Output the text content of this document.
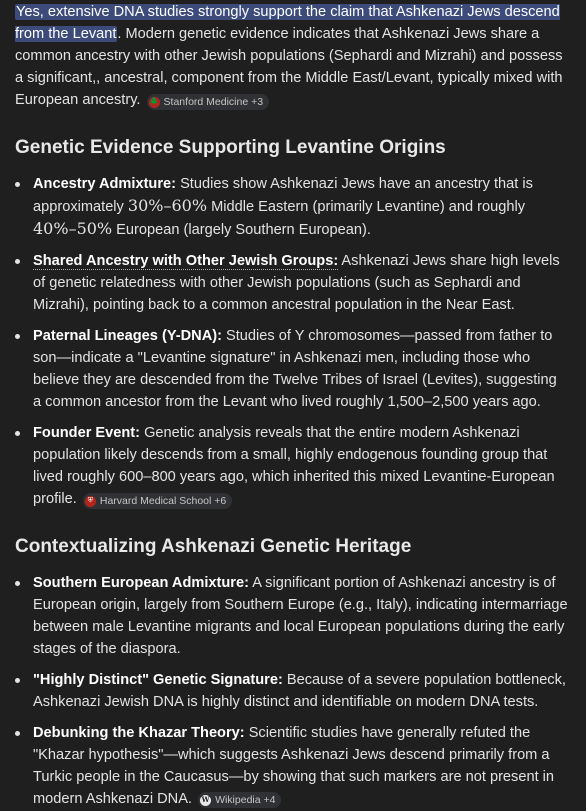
Yes, extensive DNA studies strongly support the claim that Ashkenazi Jews descend from the Levant. Modern genetic evidence indicates that Ashkenazi Jews share a common ancestry with other Jewish populations (Sephardi and Mizrahi) and possess a significant,, ancestral, component from the Middle East/Levant, typically mixed with European ancestry. 🌲 Stanford Medicine +3

Genetic Evidence Supporting Levantine Origins
Ancestry Admixture: Studies show Ashkenazi Jews have an ancestry that is approximately 30%–60% Middle Eastern (primarily Levantine) and roughly 40%–50% European (largely Southern European).
Shared Ancestry with Other Jewish Groups: Ashkenazi Jews share high levels of genetic relatedness with other Jewish populations (such as Sephardi and Mizrahi), pointing back to a common ancestral population in the Near East.
Paternal Lineages (Y-DNA): Studies of Y chromosomes—passed from father to son—indicate a "Levantine signature" in Ashkenazi men, including those who believe they are descended from the Twelve Tribes of Israel (Levites), suggesting a common ancestor from the Levant who lived roughly 1,500–2,500 years ago.
Founder Event: Genetic analysis reveals that the entire modern Ashkenazi population likely descends from a small, highly endogenous founding group that lived roughly 600–800 years ago, which inherited this mixed Levantine-European profile.	⛨ Harvard Medical School +6
Contextualizing Ashkenazi Genetic Heritage
Southern European Admixture: A significant portion of Ashkenazi ancestry is of European origin, largely from Southern Europe (e.g., Italy), indicating intermarriage between male Levantine migrants and local European populations during the early stages of the diaspora.
"Highly Distinct" Genetic Signature: Because of a severe population bottleneck, Ashkenazi Jewish DNA is highly distinct and identifiable on modern DNA tests.
Debunking the Khazar Theory: Scientific studies have generally refuted the "Khazar hypothesis"—which suggests Ashkenazi Jews descend primarily from a Turkic people in the Caucasus—by showing that such markers are not present in modern Ashkenazi DNA. W Wikipedia +4
